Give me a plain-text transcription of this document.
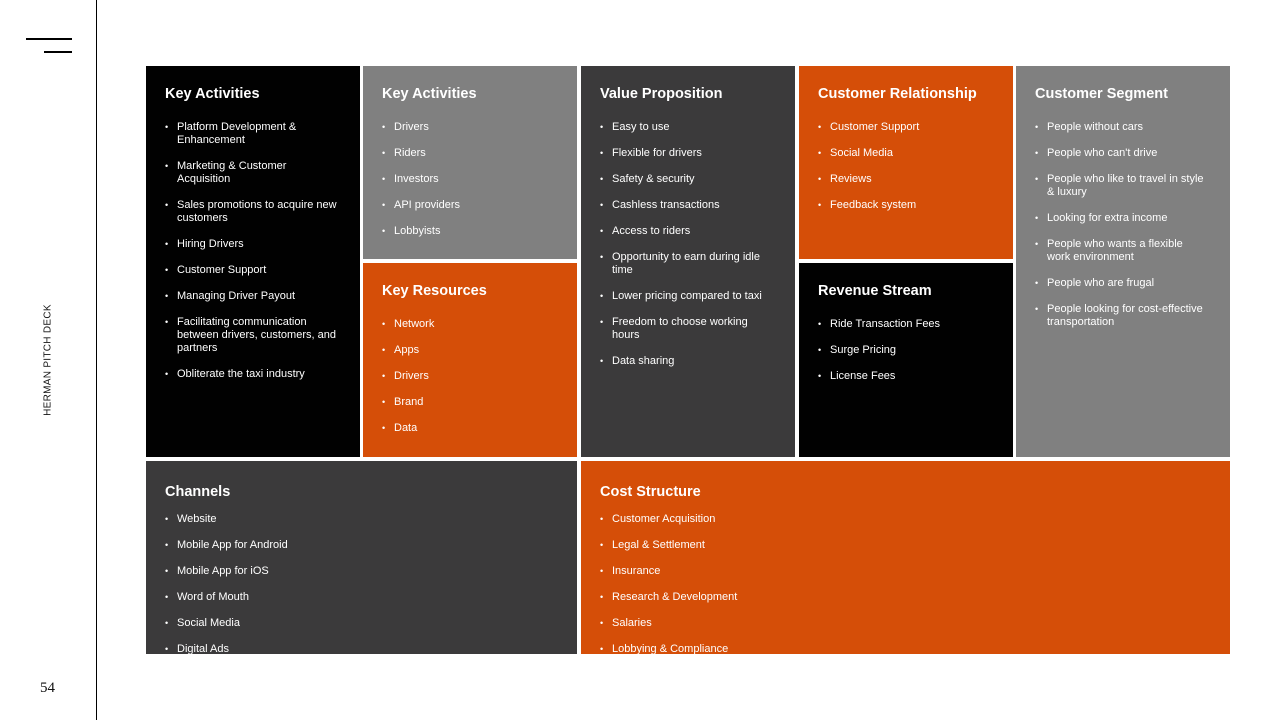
HERMAN PITCH DECK
54
Key Activities
• Platform Development & Enhancement
• Marketing & Customer Acquisition
• Sales promotions to acquire new customers
• Hiring Drivers
• Customer Support
• Managing Driver Payout
• Facilitating communication between drivers, customers, and partners
• Obliterate the taxi industry
Key Activities
• Drivers
• Riders
• Investors
• API providers
• Lobbyists
Key Resources
• Network
• Apps
• Drivers
• Brand
• Data
Value Proposition
• Easy to use
• Flexible for drivers
• Safety & security
• Cashless transactions
• Access to riders
• Opportunity to earn during idle time
• Lower pricing compared to taxi
• Freedom to choose working hours
• Data sharing
Customer Relationship
• Customer Support
• Social Media
• Reviews
• Feedback system
Revenue Stream
• Ride Transaction Fees
• Surge Pricing
• License Fees
Customer Segment
• People without cars
• People who can't drive
• People who like to travel in style & luxury
• Looking for extra income
• People who wants a flexible work environment
• People who are frugal
• People looking for cost-effective transportation
Channels
• Website
• Mobile App for Android
• Mobile App for iOS
• Word of Mouth
• Social Media
• Digital Ads
Cost Structure
• Customer Acquisition
• Legal & Settlement
• Insurance
• Research & Development
• Salaries
• Lobbying & Compliance
